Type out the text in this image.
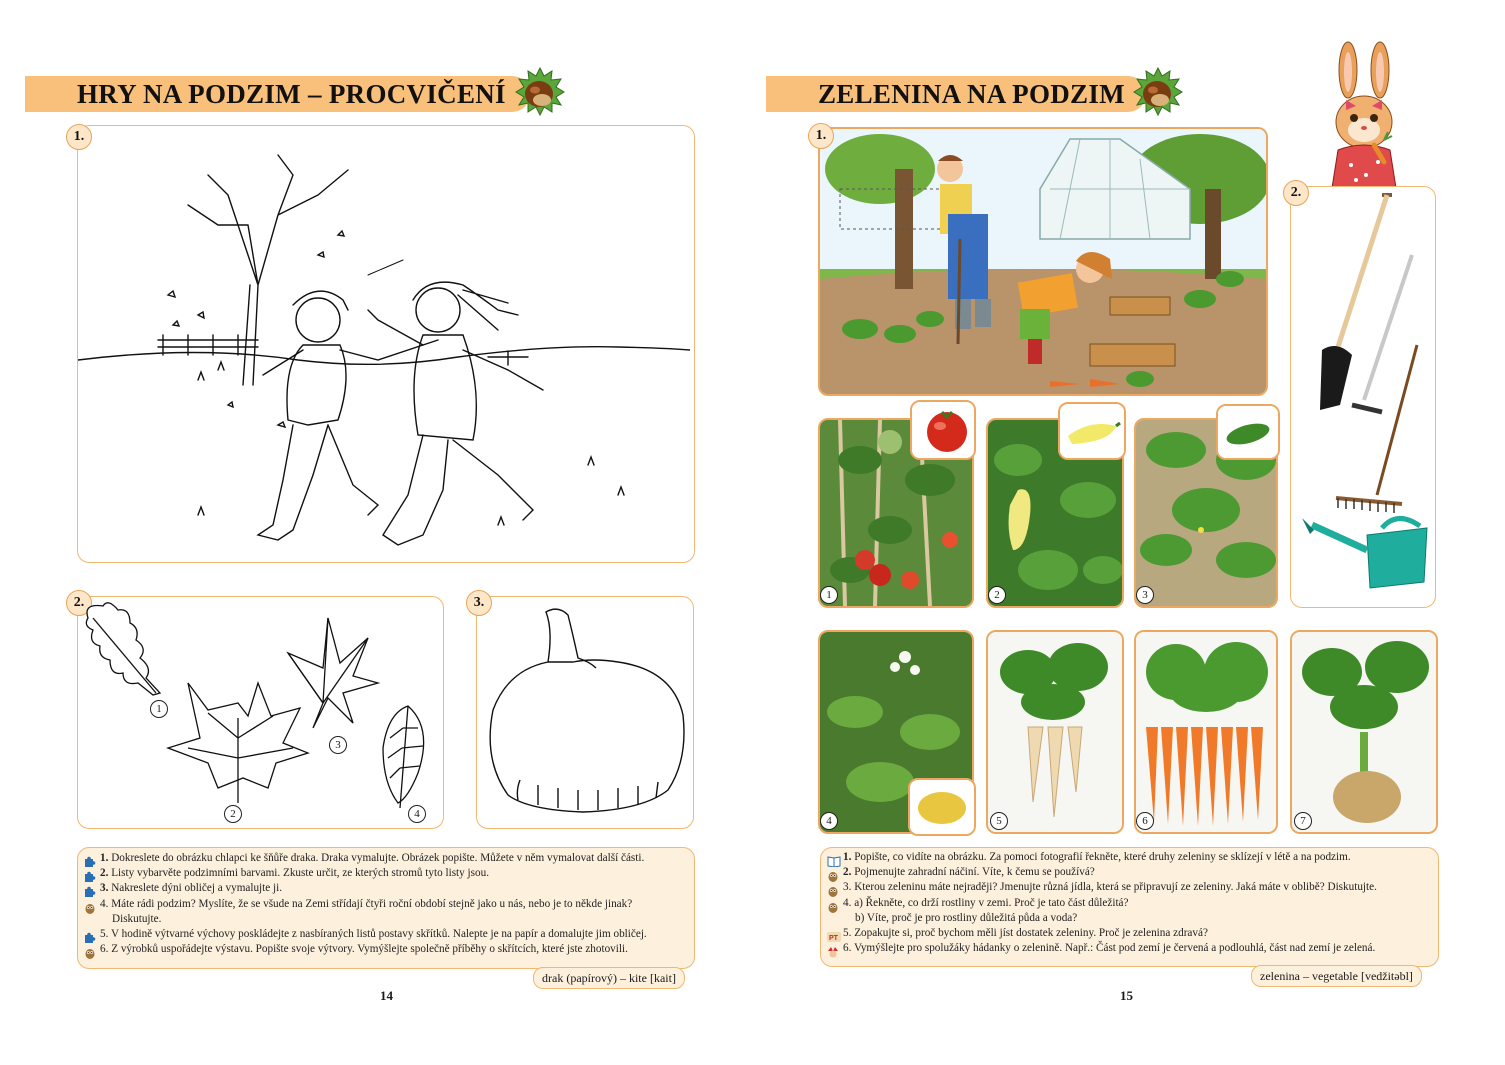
HRY NA PODZIM – PROCVIČENÍ
1.
2.
1
2
3
4
3.
1. Dokreslete do obrázku chlapci ke šňůře draka. Draka vymalujte. Obrázek popište. Můžete v něm vymalovat další části.
2. Listy vybarvěte podzimními barvami. Zkuste určit, ze kterých stromů tyto listy jsou.
3. Nakreslete dýni obličej a vymalujte ji.
4. Máte rádi podzim? Myslíte, že se všude na Zemi střídají čtyři roční období stejně jako u nás, nebo je to někde jinak?
Diskutujte.
5. V hodině výtvarné výchovy poskládejte z nasbíraných listů postavy skřítků. Nalepte je na papír a domalujte jim obličej.
6. Z výrobků uspořádejte výstavu. Popište svoje výtvory. Vymýšlejte společně příběhy o skřítcích, které jste zhotovili.
drak (papírový) – kite [kait]
14
ZELENINA NA PODZIM
1.
2.
1	2	3
4	5	6	7
1. Popište, co vidíte na obrázku. Za pomoci fotografií řekněte, které druhy zeleniny se sklízejí v létě a na podzim.
2. Pojmenujte zahradní náčiní. Víte, k čemu se používá?
3. Kterou zeleninu máte nejraději? Jmenujte různá jídla, která se připravují ze zeleniny. Jaká máte v oblibě? Diskutujte.
4. a) Řekněte, co drží rostliny v zemi. Proč je tato část důležitá?
b) Víte, proč je pro rostliny důležitá půda a voda?
PT 5. Zopakujte si, proč bychom měli jíst dostatek zeleniny. Proč je zelenina zdravá?
6. Vymýšlejte pro spolužáky hádanky o zelenině. Např.: Část pod zemí je červená a podlouhlá, část nad zemí je zelená.
zelenina – vegetable [vedžitəbl]
15
